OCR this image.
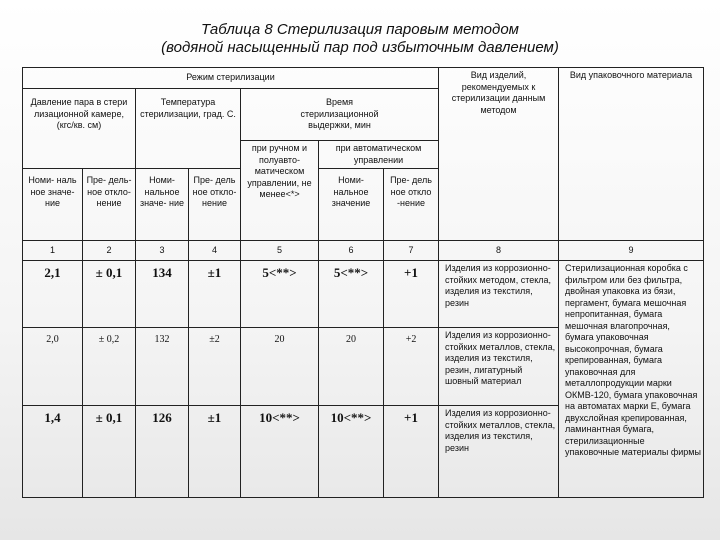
Таблица 8 Стерилизация паровым методом
(водяной насыщенный пар под избыточным давлением)
Режим стерилизации							Вид изделий, рекомендуемых к стерилизации данным методом	Вид упаковочного материала
Давление пара в стери лизационной камере, (кгс/кв. см)		Температура стерилизации, град. С.		Время стерилизационной выдержки, мин				
				при ручном и полуавто- матическом управлении, не менее<*>	при автоматическом управлении			
Номи- наль ное значе- ние	Пре- дель- ное откло- нение	Номи- нальное значе- ние	Пре- дель ное откло- нение		Номи- нальное значение	Пре- дель ное откло -нение		
1	2	3	4	5	6	7	8	9
2,1	± 0,1	134	±1	5<**>	5<**>	+1	Изделия из коррозионно-стойких методом, стекла, изделия из текстиля, резин	Стерилизационная коробка с фильтром или без фильтра, двойная упаковка из бязи, пергамент, бумага мешочная непропитанная, бумага мешочная влагопрочная, бумага упаковочная высокопрочная, бумага крепированная, бумага упаковочная для металлопродукции марки ОКМВ-120, бумага упаковочная на автоматах марки Е, бумага двухслойная крепированная, ламинантная бумага, стерилизационные упаковочные материалы фирмы
2,0	± 0,2	132	±2	20	20	+2	Изделия из коррозионно-стойких металлов, стекла, изделия из текстиля, резин, лигатурный шовный материал	
1,4	± 0,1	126	±1	10<**>	10<**>	+1	Изделия из коррозионно-стойких металлов, стекла, изделия из текстиля, резин	
